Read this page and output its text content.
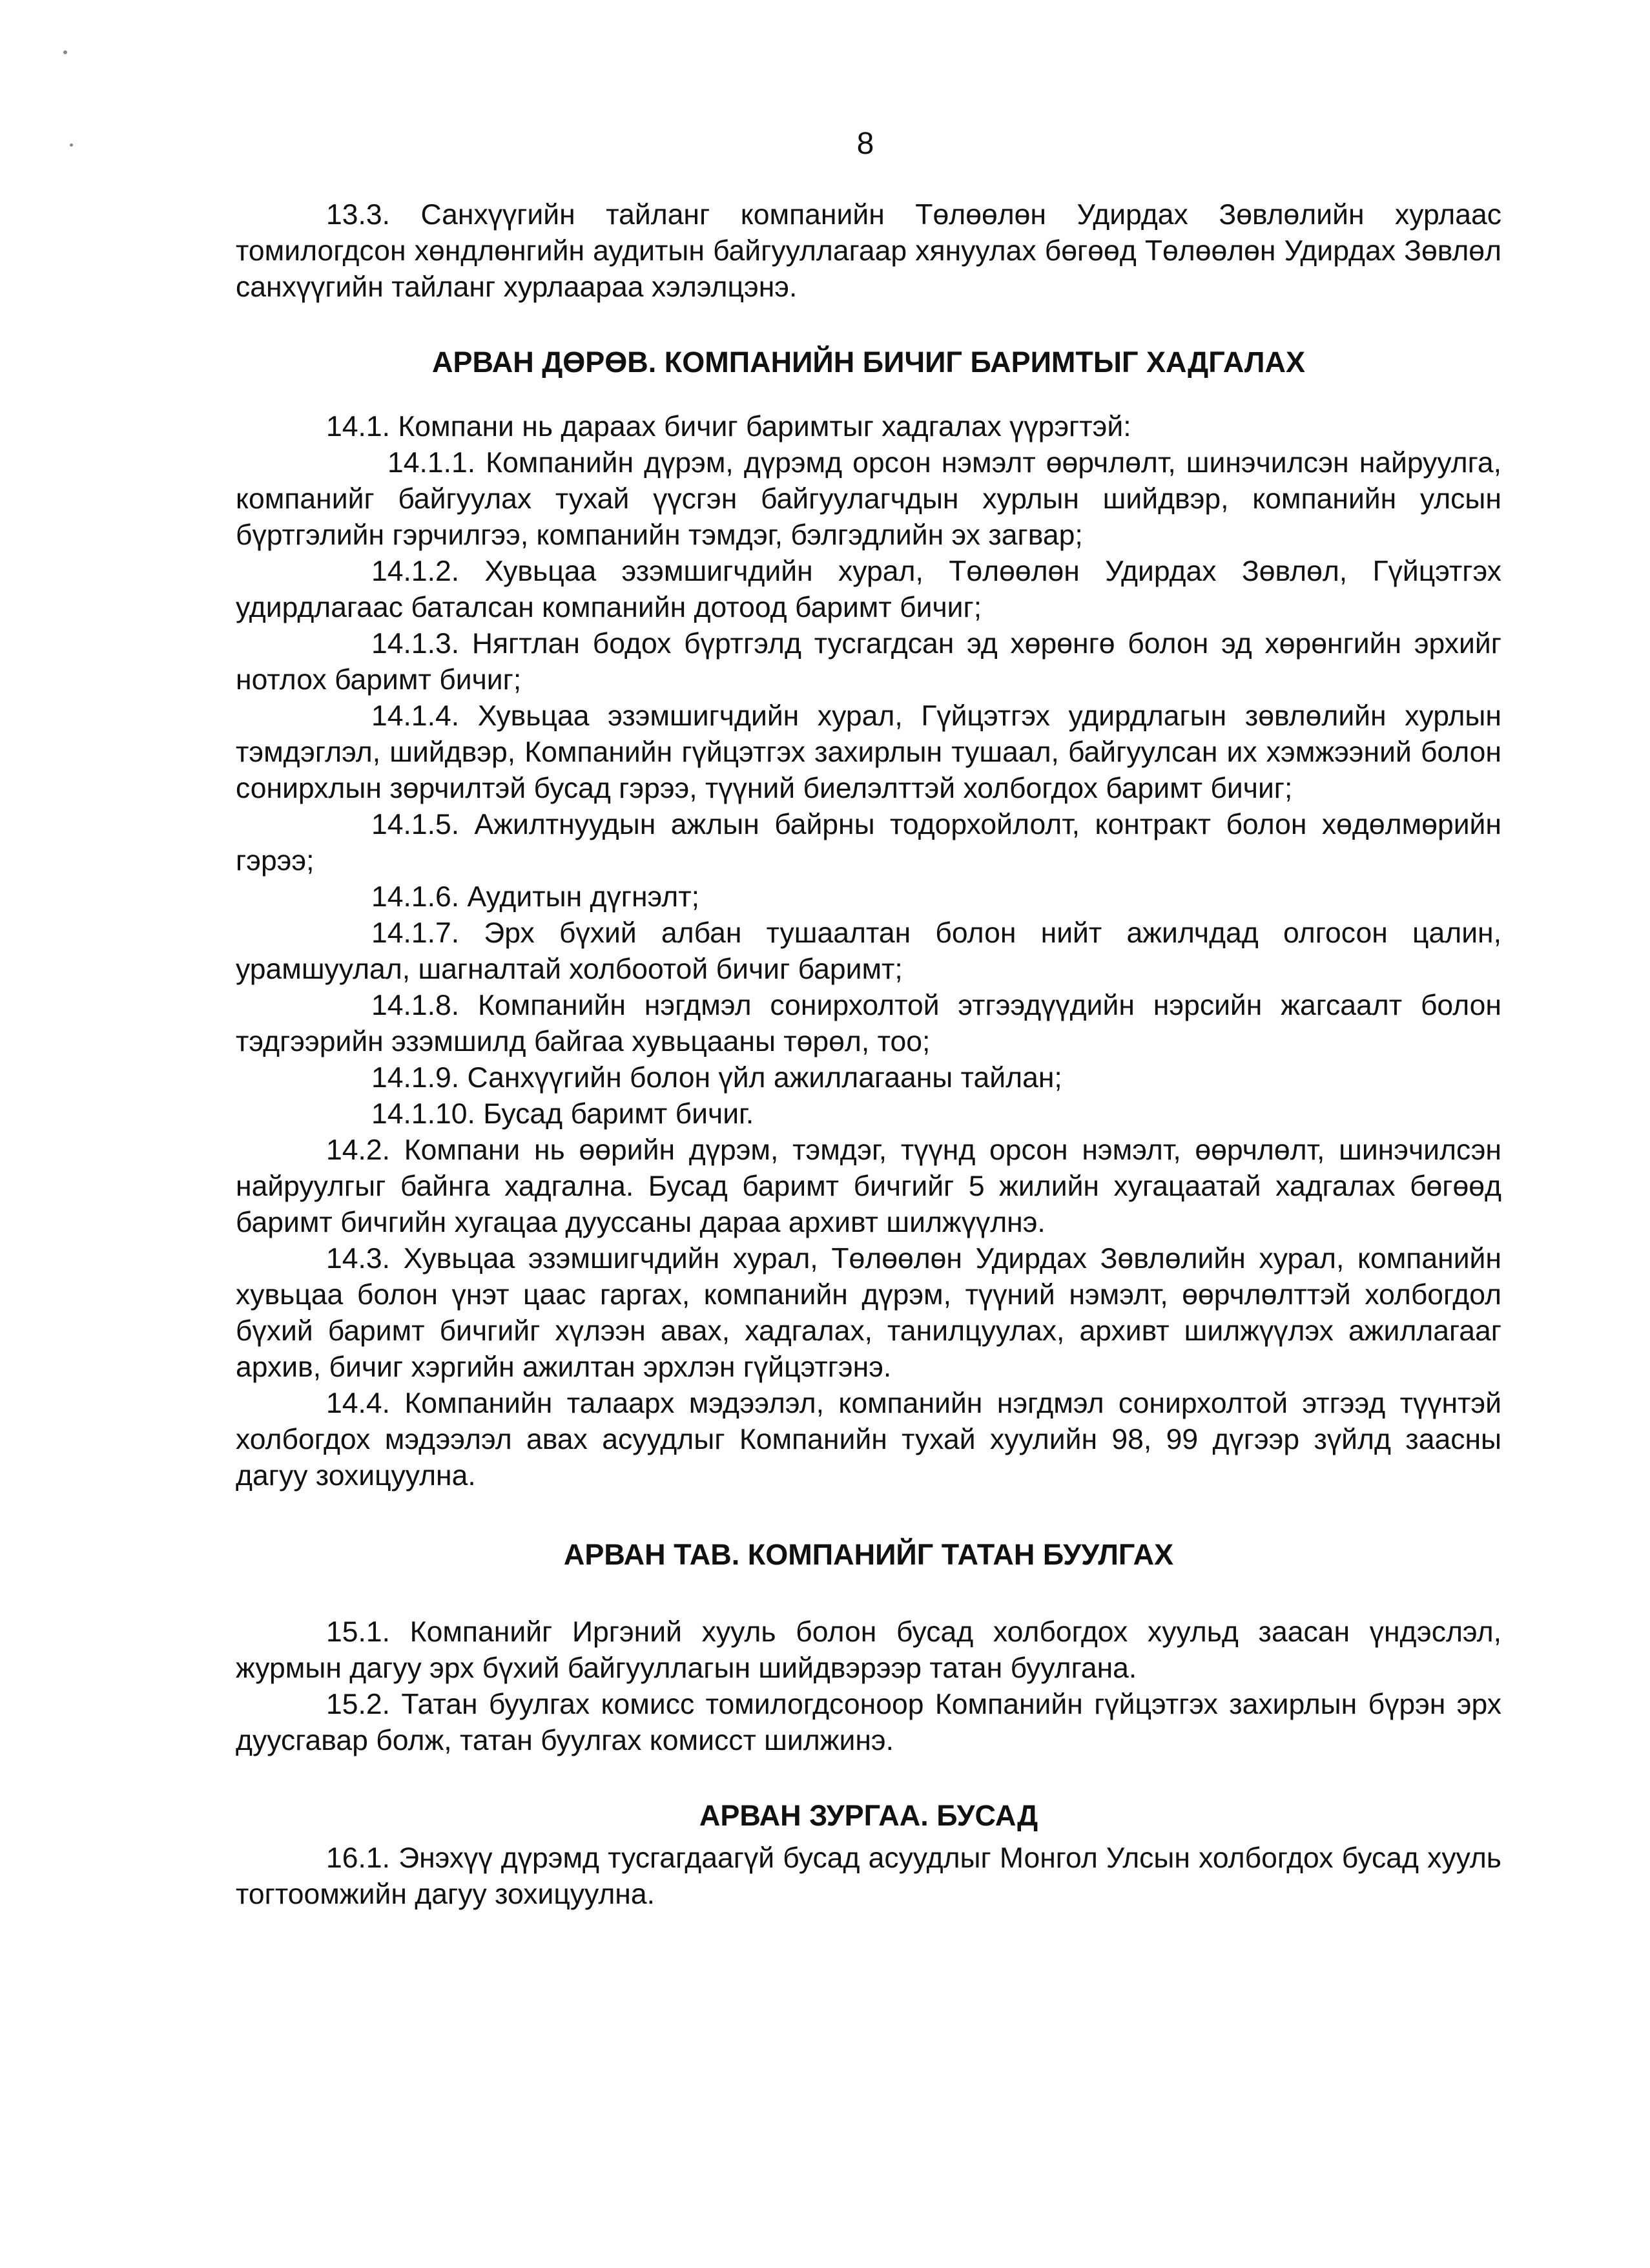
8

13.3. Санхүүгийн тайланг компанийн Төлөөлөн Удирдах Зөвлөлийн хурлаас томилогдсон хөндлөнгийн аудитын байгууллагаар хянуулах бөгөөд Төлөөлөн Удирдах Зөвлөл санхүүгийн тайланг хурлаараа хэлэлцэнэ.

АРВАН ДӨРӨВ. КОМПАНИЙН БИЧИГ БАРИМТЫГ ХАДГАЛАХ

14.1. Компани нь дараах бичиг баримтыг хадгалах үүрэгтэй:

14.1.1. Компанийн дүрэм, дүрэмд орсон нэмэлт өөрчлөлт, шинэчилсэн найруулга, компанийг байгуулах тухай үүсгэн байгуулагчдын хурлын шийдвэр, компанийн улсын бүртгэлийн гэрчилгээ, компанийн тэмдэг, бэлгэдлийн эх загвар;

14.1.2. Хувьцаа эзэмшигчдийн хурал, Төлөөлөн Удирдах Зөвлөл, Гүйцэтгэх удирдлагаас баталсан компанийн дотоод баримт бичиг;

14.1.3. Нягтлан бодох бүртгэлд тусгагдсан эд хөрөнгө болон эд хөрөнгийн эрхийг нотлох баримт бичиг;

14.1.4. Хувьцаа эзэмшигчдийн хурал, Гүйцэтгэх удирдлагын зөвлөлийн хурлын тэмдэглэл, шийдвэр, Компанийн гүйцэтгэх захирлын тушаал, байгуулсан их хэмжээний болон сонирхлын зөрчилтэй бусад гэрээ, түүний биелэлттэй холбогдох баримт бичиг;

14.1.5. Ажилтнуудын ажлын байрны тодорхойлолт, контракт болон хөдөлмөрийн гэрээ;

14.1.6. Аудитын дүгнэлт;

14.1.7. Эрх бүхий албан тушаалтан болон нийт ажилчдад олгосон цалин, урамшуулал, шагналтай холбоотой бичиг баримт;

14.1.8. Компанийн нэгдмэл сонирхолтой этгээдүүдийн нэрсийн жагсаалт болон тэдгээрийн эзэмшилд байгаа хувьцааны төрөл, тоо;

14.1.9. Санхүүгийн болон үйл ажиллагааны тайлан;

14.1.10. Бусад баримт бичиг.

14.2. Компани нь өөрийн дүрэм, тэмдэг, түүнд орсон нэмэлт, өөрчлөлт, шинэчилсэн найруулгыг байнга хадгална. Бусад баримт бичгийг 5 жилийн хугацаатай хадгалах бөгөөд баримт бичгийн хугацаа дуусcаны дараа архивт шилжүүлнэ.

14.3. Хувьцаа эзэмшигчдийн хурал, Төлөөлөн Удирдах Зөвлөлийн хурал, компанийн хувьцаа болон үнэт цаас гаргах, компанийн дүрэм, түүний нэмэлт, өөрчлөлттэй холбогдол бүхий баримт бичгийг хүлээн авах, хадгалах, танилцуулах, архивт шилжүүлэх ажиллагааг архив, бичиг хэргийн ажилтан эрхлэн гүйцэтгэнэ.

14.4. Компанийн талаарх мэдээлэл, компанийн нэгдмэл сонирхолтой этгээд түүнтэй холбогдох мэдээлэл авах асуудлыг Компанийн тухай хуулийн 98, 99 дүгээр зүйлд заасны дагуу зохицуулна.

АРВАН ТАВ. КОМПАНИЙГ ТАТАН БУУЛГАХ

15.1. Компанийг Иргэний хууль болон бусад холбогдох хуульд заасан үндэслэл, журмын дагуу эрх бүхий байгууллагын шийдвэрээр татан буулгана.

15.2. Татан буулгах комисс томилогдсоноор Компанийн гүйцэтгэх захирлын бүрэн эрх дуусгавар болж, татан буулгах комисст шилжинэ.

АРВАН ЗУРГАА. БУСАД

16.1. Энэхүү дүрэмд тусгагдаагүй бусад асуудлыг Монгол Улсын холбогдох бусад хууль тогтоомжийн дагуу зохицуулна.
